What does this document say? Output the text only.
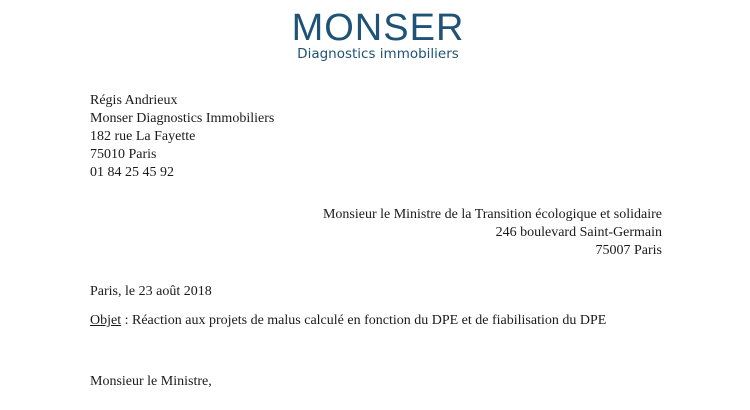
MONSER
Diagnostics immobiliers
Régis Andrieux
Monser Diagnostics Immobiliers
182 rue La Fayette
75010 Paris
01 84 25 45 92
Monsieur le Ministre de la Transition écologique et solidaire
246 boulevard Saint-Germain
75007 Paris
Paris, le 23 août 2018
Objet : Réaction aux projets de malus calculé en fonction du DPE et de fiabilisation du DPE
Monsieur le Ministre,
